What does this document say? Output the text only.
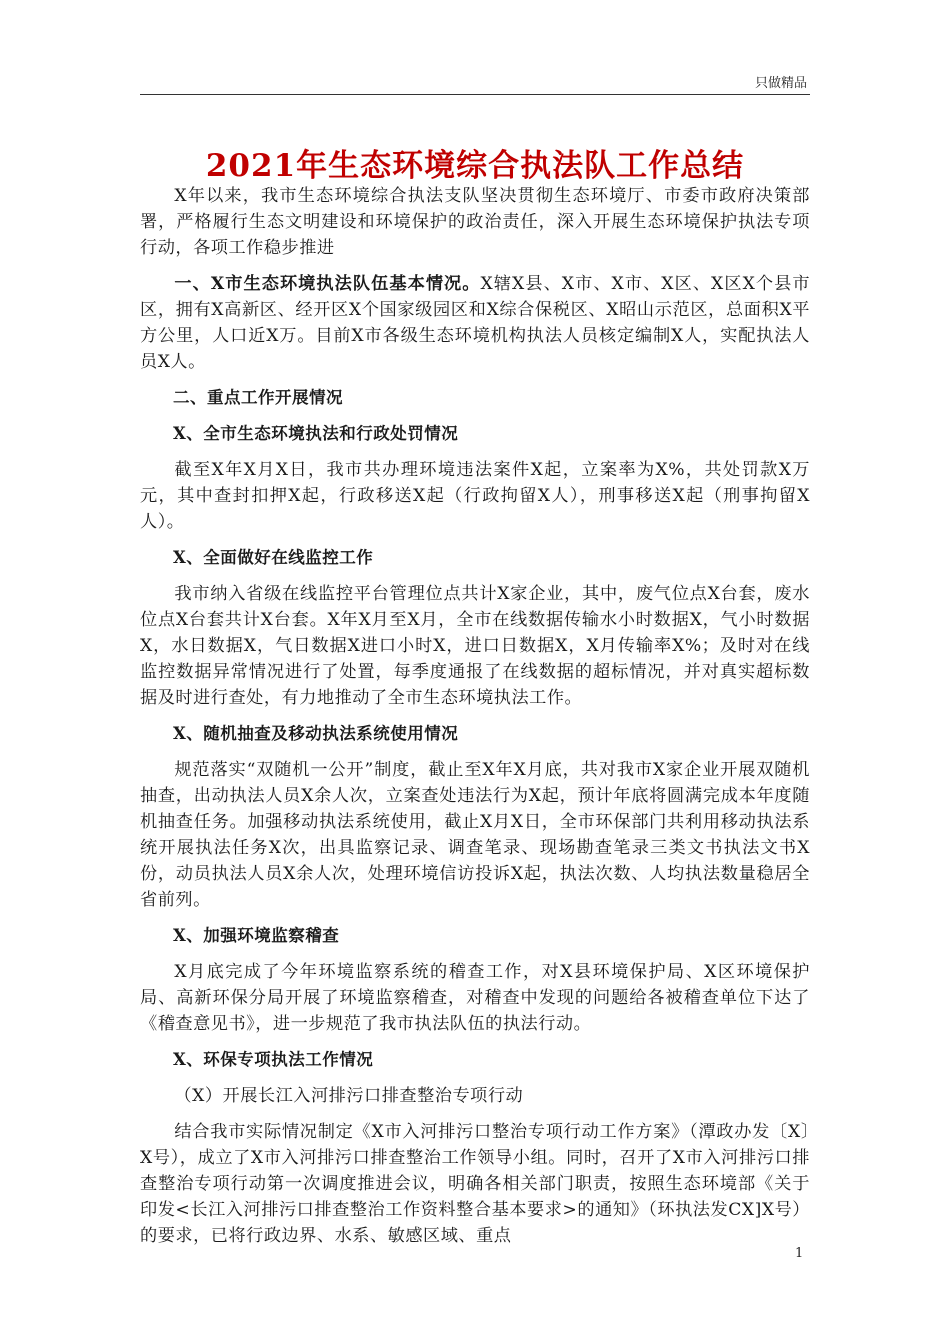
只做精品
2021年生态环境综合执法队工作总结

X年以来，我市生态环境综合执法支队坚决贯彻生态环境厅、市委市政府决策部署，严格履行生态文明建设和环境保护的政治责任，深入开展生态环境保护执法专项行动，各项工作稳步推进

一、X市生态环境执法队伍基本情况。X辖X县、X市、X市、X区、X区X个县市区，拥有X高新区、经开区X个国家级园区和X综合保税区、X昭山示范区，总面积X平方公里，人口近X万。目前X市各级生态环境机构执法人员核定编制X人，实配执法人员X人。

二、重点工作开展情况

X、全市生态环境执法和行政处罚情况

截至X年X月X日，我市共办理环境违法案件X起，立案率为X%，共处罚款X万元，其中查封扣押X起，行政移送X起（行政拘留X人），刑事移送X起（刑事拘留X人）。

X、全面做好在线监控工作

我市纳入省级在线监控平台管理位点共计X家企业，其中，废气位点X台套，废水位点X台套共计X台套。X年X月至X月，全市在线数据传输水小时数据X，气小时数据X，水日数据X，气日数据X进口小时X，进口日数据X，X月传输率X%；及时对在线监控数据异常情况进行了处置，每季度通报了在线数据的超标情况，并对真实超标数据及时进行查处，有力地推动了全市生态环境执法工作。

X、随机抽查及移动执法系统使用情况

规范落实“双随机一公开”制度，截止至X年X月底，共对我市X家企业开展双随机抽查，出动执法人员X余人次，立案查处违法行为X起，预计年底将圆满完成本年度随机抽查任务。加强移动执法系统使用，截止X月X日，全市环保部门共利用移动执法系统开展执法任务X次，出具监察记录、调查笔录、现场勘查笔录三类文书执法文书X份，动员执法人员X余人次，处理环境信访投诉X起，执法次数、人均执法数量稳居全省前列。

X、加强环境监察稽查

X月底完成了今年环境监察系统的稽查工作，对X县环境保护局、X区环境保护局、高新环保分局开展了环境监察稽查，对稽查中发现的问题给各被稽查单位下达了《稽查意见书》，进一步规范了我市执法队伍的执法行动。

X、环保专项执法工作情况

（X）开展长江入河排污口排查整治专项行动

结合我市实际情况制定《X市入河排污口整治专项行动工作方案》（潭政办发〔X〕X号），成立了X市入河排污口排查整治工作领导小组。同时，召开了X市入河排污口排查整治专项行动第一次调度推进会议，明确各相关部门职责，按照生态环境部《关于印发<长江入河排污口排查整治工作资料整合基本要求>的通知》（环执法发CX]X号）的要求，已将行政边界、水系、敏感区域、重点

1
